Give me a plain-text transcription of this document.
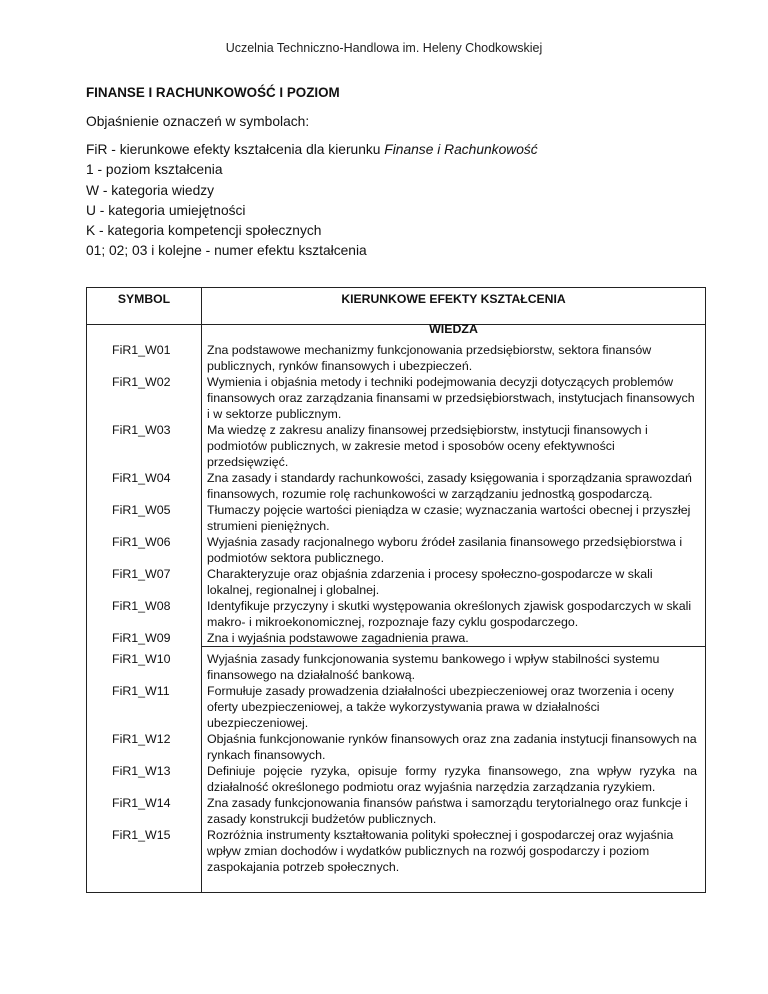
Uczelnia Techniczno-Handlowa im. Heleny Chodkowskiej
FINANSE I RACHUNKOWOŚĆ I POZIOM
Objaśnienie oznaczeń w symbolach:
FiR - kierunkowe efekty kształcenia dla kierunku Finanse i Rachunkowość
1 - poziom kształcenia
W - kategoria wiedzy
U - kategoria umiejętności
K - kategoria kompetencji społecznych
01; 02; 03 i kolejne - numer efektu kształcenia
SYMBOL	KIERUNKOWE EFEKTY KSZTAŁCENIA
WIEDZA
FiR1_W01	Zna podstawowe mechanizmy funkcjonowania przedsiębiorstw, sektora finansów publicznych, rynków finansowych i ubezpieczeń.
FiR1_W02	Wymienia i objaśnia metody i techniki podejmowania decyzji dotyczących problemów finansowych oraz zarządzania finansami w przedsiębiorstwach, instytucjach finansowych i w sektorze publicznym.
FiR1_W03	Ma wiedzę z zakresu analizy finansowej przedsiębiorstw, instytucji finansowych i podmiotów publicznych, w zakresie metod i sposobów oceny efektywności przedsięwzięć.
FiR1_W04	Zna zasady i standardy rachunkowości, zasady księgowania i sporządzania sprawozdań finansowych, rozumie rolę rachunkowości w zarządzaniu jednostką gospodarczą.
FiR1_W05	Tłumaczy pojęcie wartości pieniądza w czasie; wyznaczania wartości obecnej i przyszłej strumieni pieniężnych.
FiR1_W06	Wyjaśnia zasady racjonalnego wyboru źródeł zasilania finansowego przedsiębiorstwa i podmiotów sektora publicznego.
FiR1_W07	Charakteryzuje oraz objaśnia zdarzenia i procesy społeczno-gospodarcze w skali lokalnej, regionalnej i globalnej.
FiR1_W08	Identyfikuje przyczyny i skutki występowania określonych zjawisk gospodarczych w skali makro- i mikroekonomicznej, rozpoznaje fazy cyklu gospodarczego.
FiR1_W09	Zna i wyjaśnia podstawowe zagadnienia prawa.
FiR1_W10	Wyjaśnia zasady funkcjonowania systemu bankowego i wpływ stabilności systemu finansowego na działalność bankową.
FiR1_W11	Formułuje zasady prowadzenia działalności ubezpieczeniowej oraz tworzenia i oceny oferty ubezpieczeniowej, a także wykorzystywania prawa w działalności ubezpieczeniowej.
FiR1_W12	Objaśnia funkcjonowanie rynków finansowych oraz zna zadania instytucji finansowych na rynkach finansowych.
FiR1_W13	Definiuje pojęcie ryzyka, opisuje formy ryzyka finansowego, zna wpływ ryzyka na działalność określonego podmiotu oraz wyjaśnia narzędzia zarządzania ryzykiem.
FiR1_W14	Zna zasady funkcjonowania finansów państwa i samorządu terytorialnego oraz funkcje i zasady konstrukcji budżetów publicznych.
FiR1_W15	Rozróżnia instrumenty kształtowania polityki społecznej i gospodarczej oraz wyjaśnia wpływ zmian dochodów i wydatków publicznych na rozwój gospodarczy i poziom zaspokajania potrzeb społecznych.
